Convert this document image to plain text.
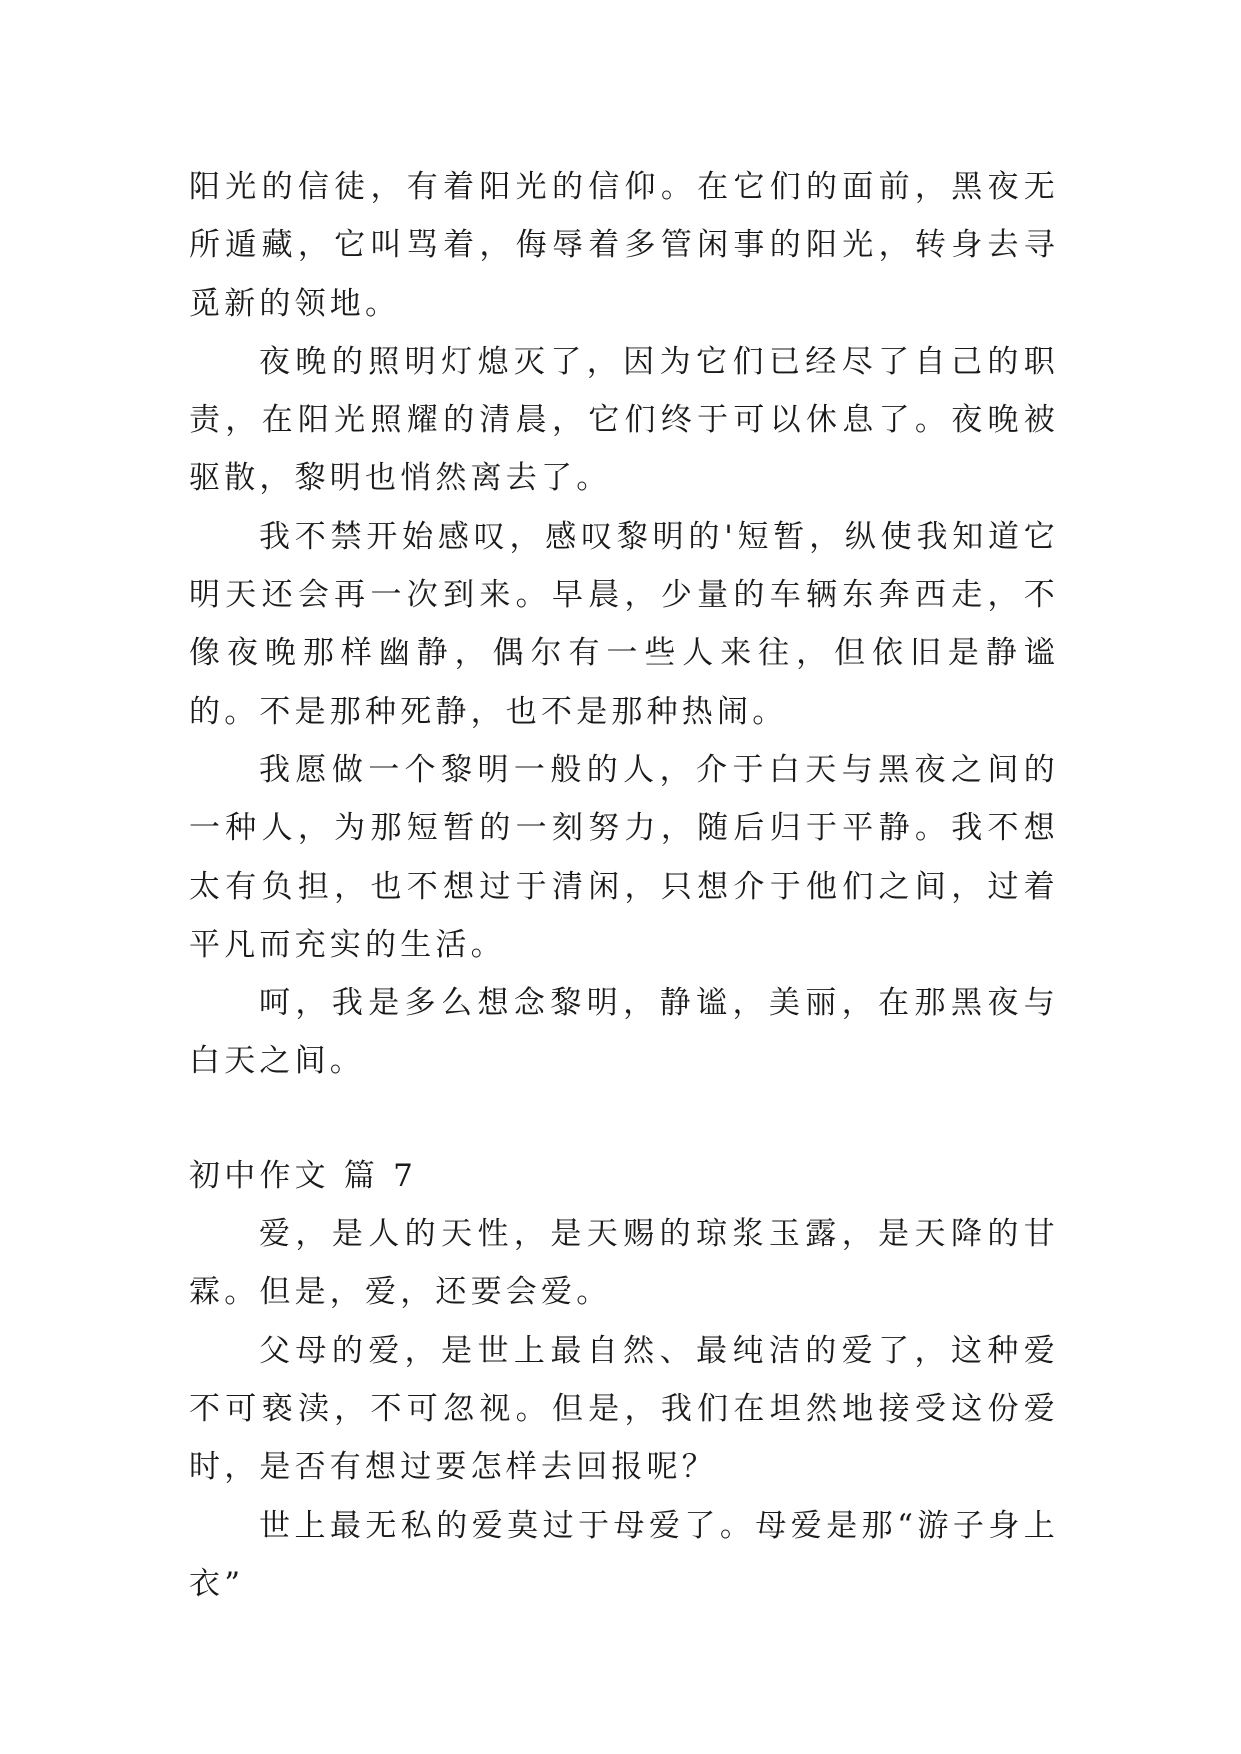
阳光的信徒，有着阳光的信仰。在它们的面前，黑夜无所遁藏，它叫骂着，侮辱着多管闲事的阳光，转身去寻觅新的领地。

夜晚的照明灯熄灭了，因为它们已经尽了自己的职责，在阳光照耀的清晨，它们终于可以休息了。夜晚被驱散，黎明也悄然离去了。

我不禁开始感叹，感叹黎明的'短暂，纵使我知道它明天还会再一次到来。早晨，少量的车辆东奔西走，不像夜晚那样幽静，偶尔有一些人来往，但依旧是静谧的。不是那种死静，也不是那种热闹。

我愿做一个黎明一般的人，介于白天与黑夜之间的一种人，为那短暂的一刻努力，随后归于平静。我不想太有负担，也不想过于清闲，只想介于他们之间，过着平凡而充实的生活。

呵，我是多么想念黎明，静谧，美丽，在那黑夜与白天之间。

初中作文 篇 7

爱，是人的天性，是天赐的琼浆玉露，是天降的甘霖。但是，爱，还要会爱。

父母的爱，是世上最自然、最纯洁的爱了，这种爱不可亵渎，不可忽视。但是，我们在坦然地接受这份爱时，是否有想过要怎样去回报呢？

世上最无私的爱莫过于母爱了。母爱是那“游子身上衣”
